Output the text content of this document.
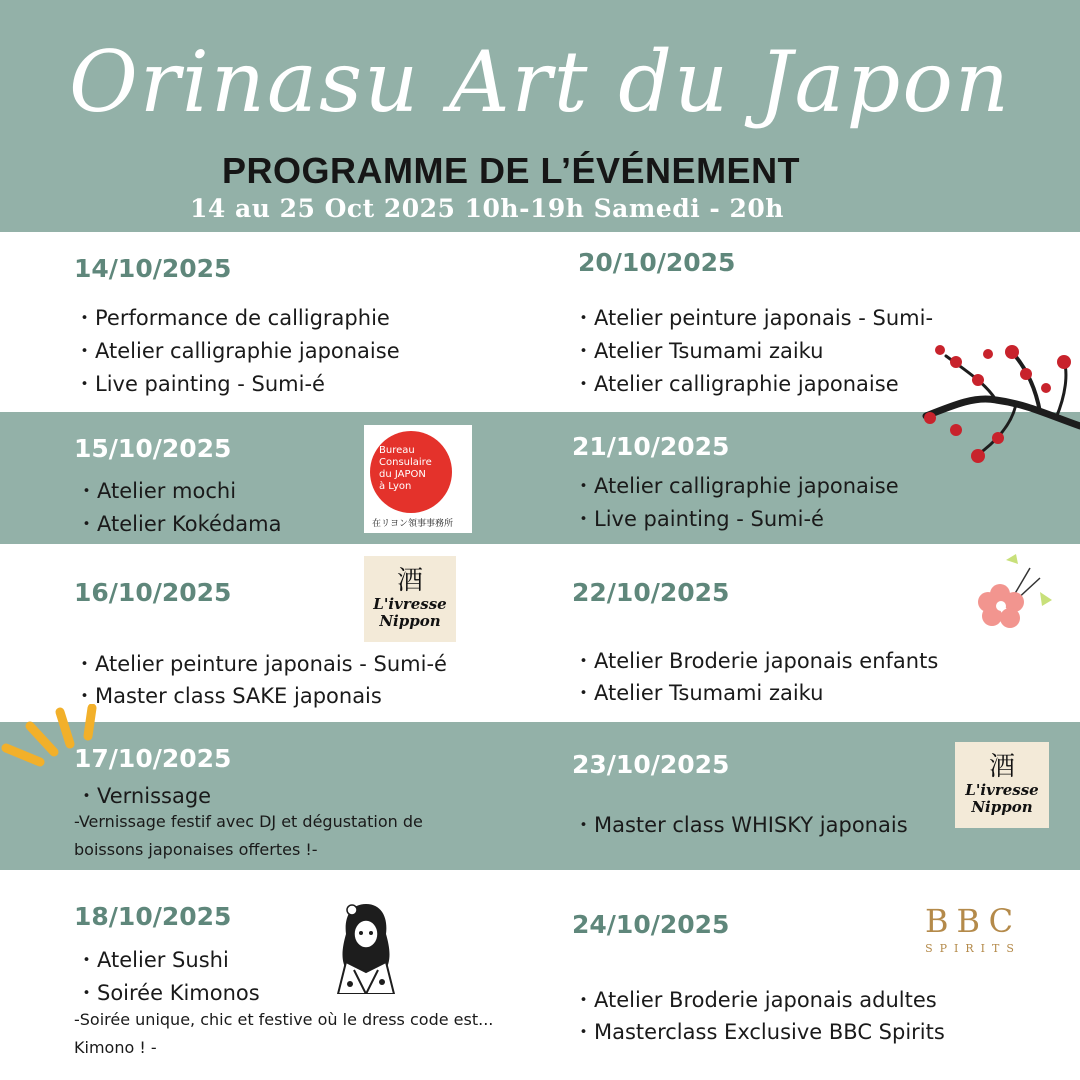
Orinasu Art du Japon
PROGRAMME DE L’ÉVÉNEMENT
14 au 25 Oct 2025 10h-19h Samedi - 20h
14/10/2025
・ Performance de calligraphie
・ Atelier calligraphie japonaise
・ Live painting - Sumi-é
20/10/2025
・ Atelier peinture japonais - Sumi-
・ Atelier Tsumami zaiku
・ Atelier calligraphie japonaise
15/10/2025
・ Atelier mochi
・ Atelier Kokédama
Bureau
Consulaire
du JAPON
à Lyon
在リヨン領事事務所
21/10/2025
・ Atelier calligraphie japonaise
・ Live painting - Sumi-é
16/10/2025
・ Atelier peinture japonais - Sumi-é
・ Master class SAKE japonais
酒
L'ivresse
Nippon
22/10/2025
・ Atelier Broderie japonais enfants
・ Atelier Tsumami zaiku
17/10/2025
・ Vernissage
-Vernissage festif avec DJ et dégustation de boissons japonaises offertes !-
23/10/2025
・ Master class WHISKY japonais
酒
L'ivresse
Nippon
18/10/2025
・ Atelier Sushi
・ Soirée Kimonos
-Soirée unique, chic et festive où le dress code est... Kimono ! -
24/10/2025
・ Atelier Broderie japonais adultes
・ Masterclass Exclusive BBC Spirits
BBC
SPIRITS
